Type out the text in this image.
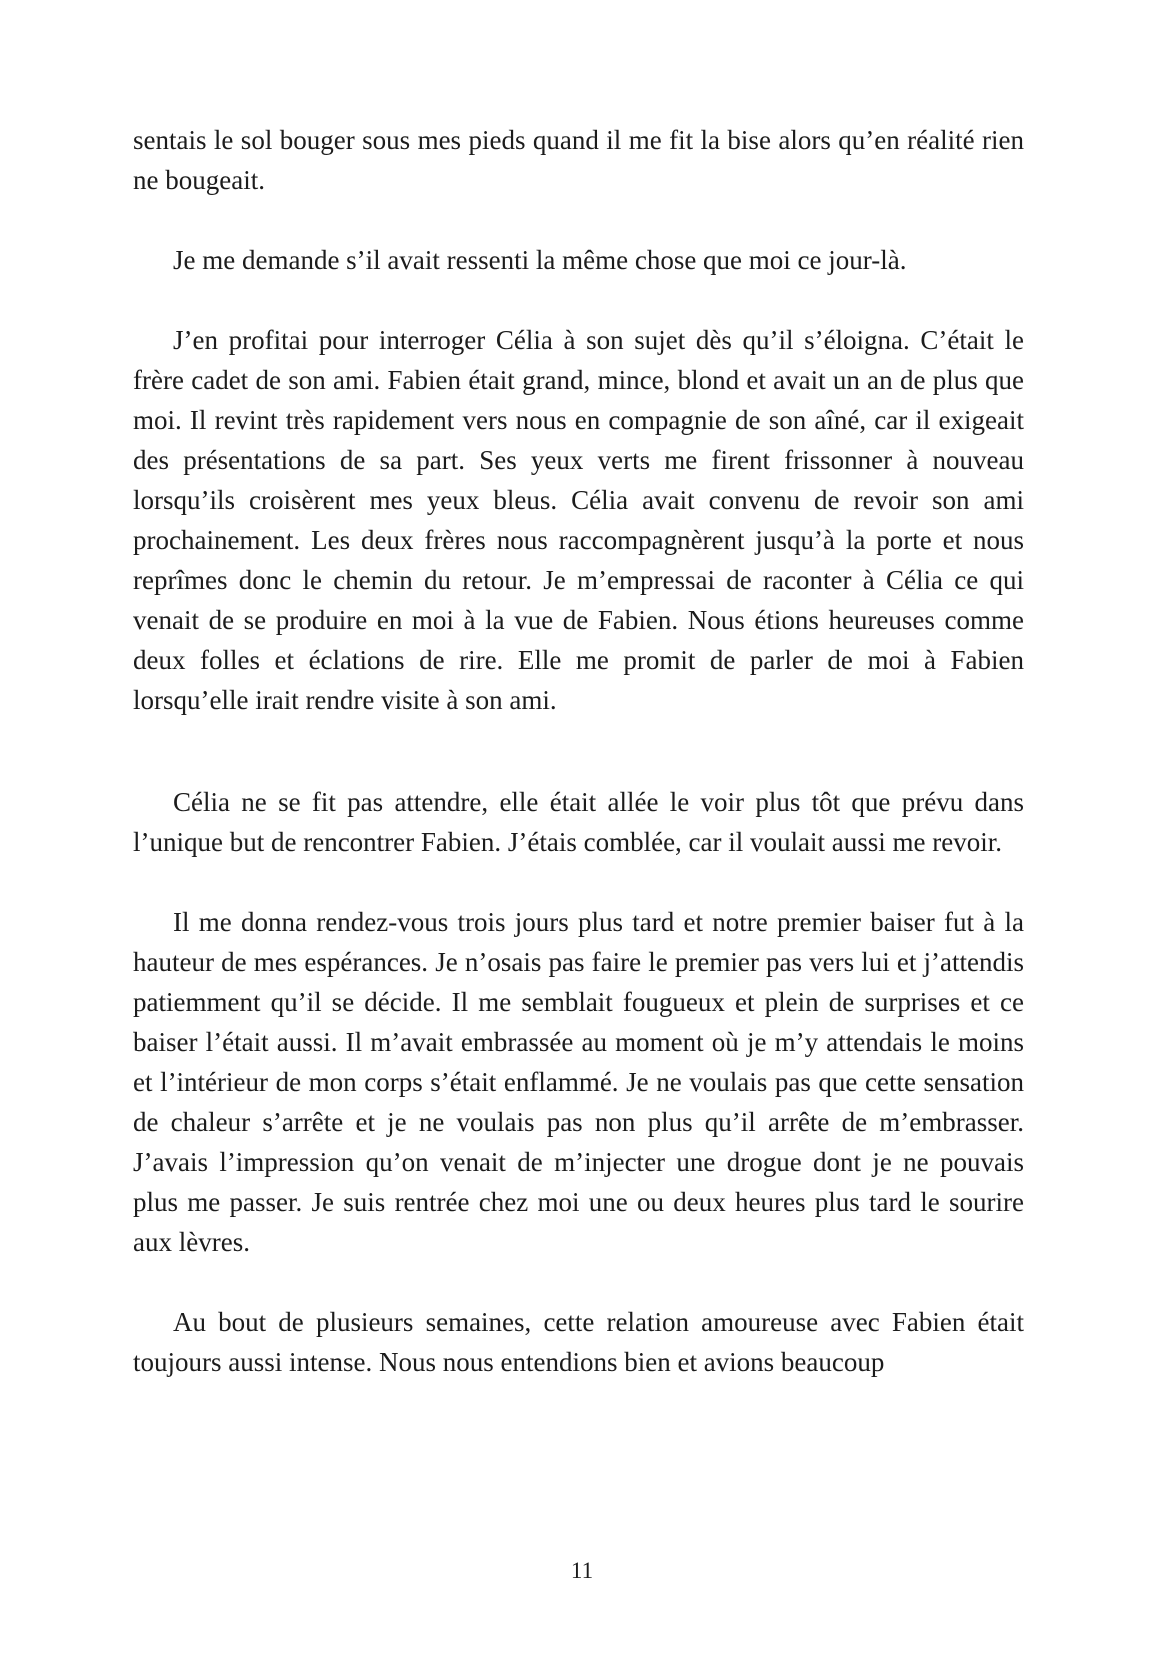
sentais le sol bouger sous mes pieds quand il me fit la bise alors qu’en réalité rien ne bougeait.

Je me demande s’il avait ressenti la même chose que moi ce jour-là.

J’en profitai pour interroger Célia à son sujet dès qu’il s’éloigna. C’était le frère cadet de son ami. Fabien était grand, mince, blond et avait un an de plus que moi. Il revint très rapidement vers nous en compagnie de son aîné, car il exigeait des présentations de sa part. Ses yeux verts me firent frissonner à nouveau lorsqu’ils croisèrent mes yeux bleus. Célia avait convenu de revoir son ami prochainement. Les deux frères nous raccompagnèrent jusqu’à la porte et nous reprîmes donc le chemin du retour. Je m’empressai de raconter à Célia ce qui venait de se produire en moi à la vue de Fabien. Nous étions heureuses comme deux folles et éclations de rire. Elle me promit de parler de moi à Fabien lorsqu’elle irait rendre visite à son ami.

Célia ne se fit pas attendre, elle était allée le voir plus tôt que prévu dans l’unique but de rencontrer Fabien. J’étais comblée, car il voulait aussi me revoir.

Il me donna rendez-vous trois jours plus tard et notre premier baiser fut à la hauteur de mes espérances. Je n’osais pas faire le premier pas vers lui et j’attendis patiemment qu’il se décide. Il me semblait fougueux et plein de surprises et ce baiser l’était aussi. Il m’avait embrassée au moment où je m’y attendais le moins et l’intérieur de mon corps s’était enflammé. Je ne voulais pas que cette sensation de chaleur s’arrête et je ne voulais pas non plus qu’il arrête de m’embrasser. J’avais l’impression qu’on venait de m’injecter une drogue dont je ne pouvais plus me passer. Je suis rentrée chez moi une ou deux heures plus tard le sourire aux lèvres.

Au bout de plusieurs semaines, cette relation amoureuse avec Fabien était toujours aussi intense. Nous nous entendions bien et avions beaucoup

11
